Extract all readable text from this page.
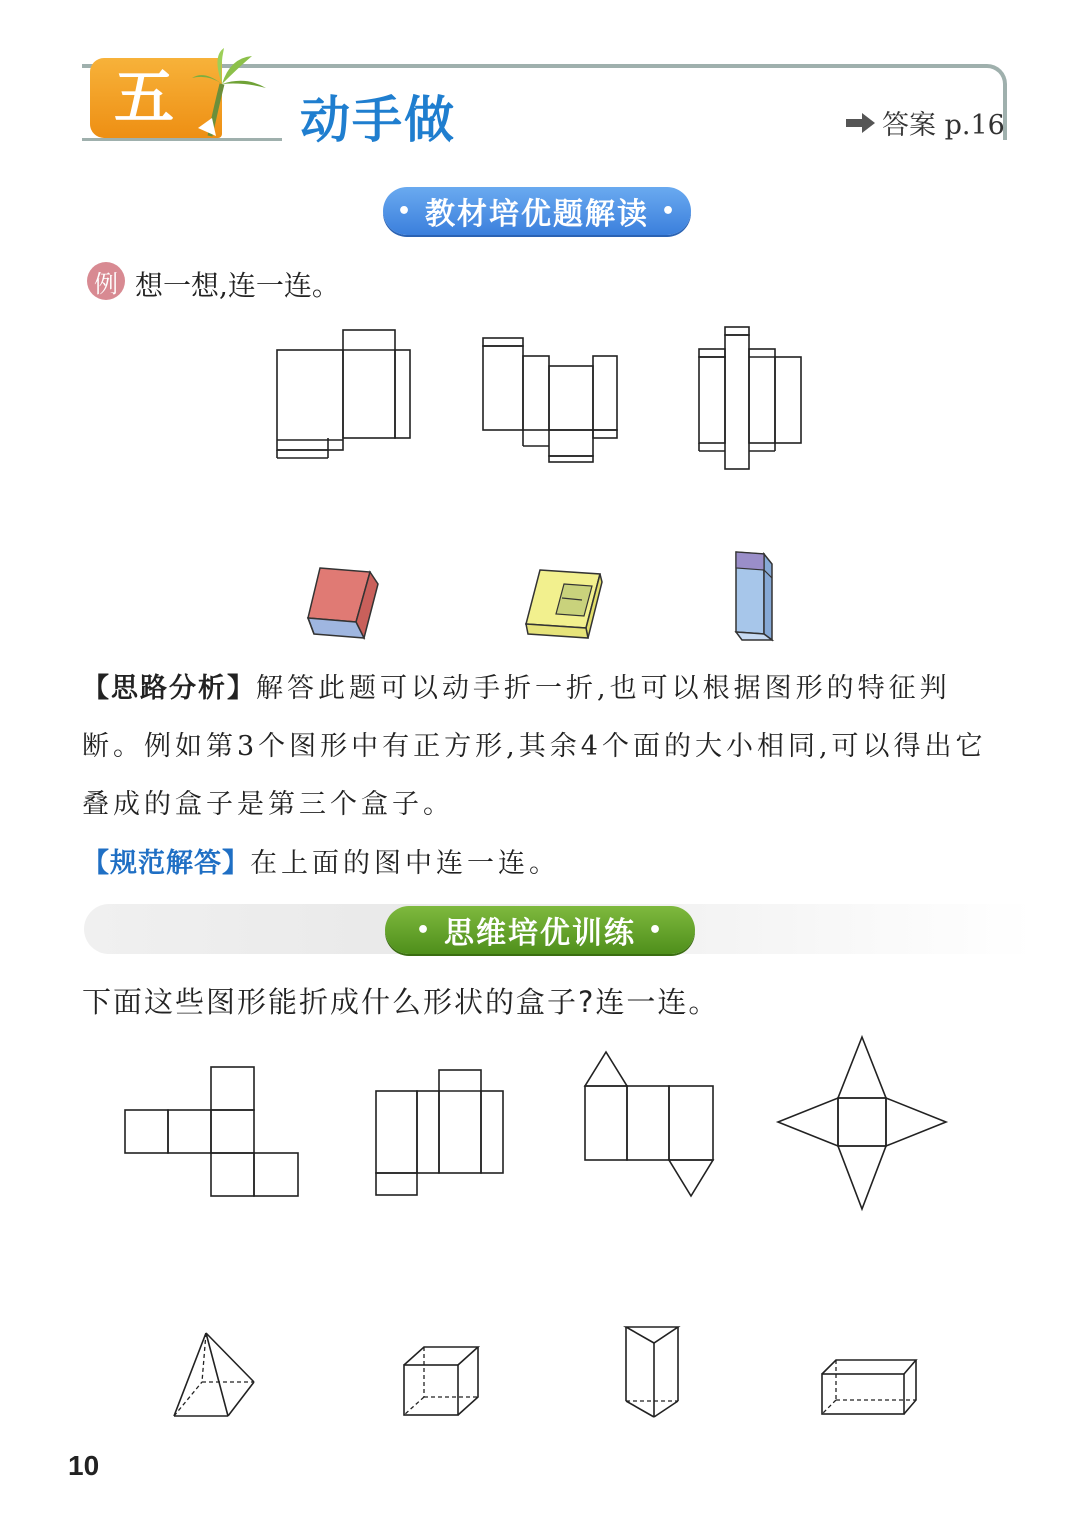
五	动手做	答案 p.16
• 教材培优题解读 •
例 想一想,连一连。
【思路分析】解答此题可以动手折一折,也可以根据图形的特征判断。例如第3个图形中有正方形,其余4个面的大小相同,可以得出它叠成的盒子是第三个盒子。
【规范解答】在上面的图中连一连。
• 思维培优训练 •
下面这些图形能折成什么形状的盒子?连一连。
10
